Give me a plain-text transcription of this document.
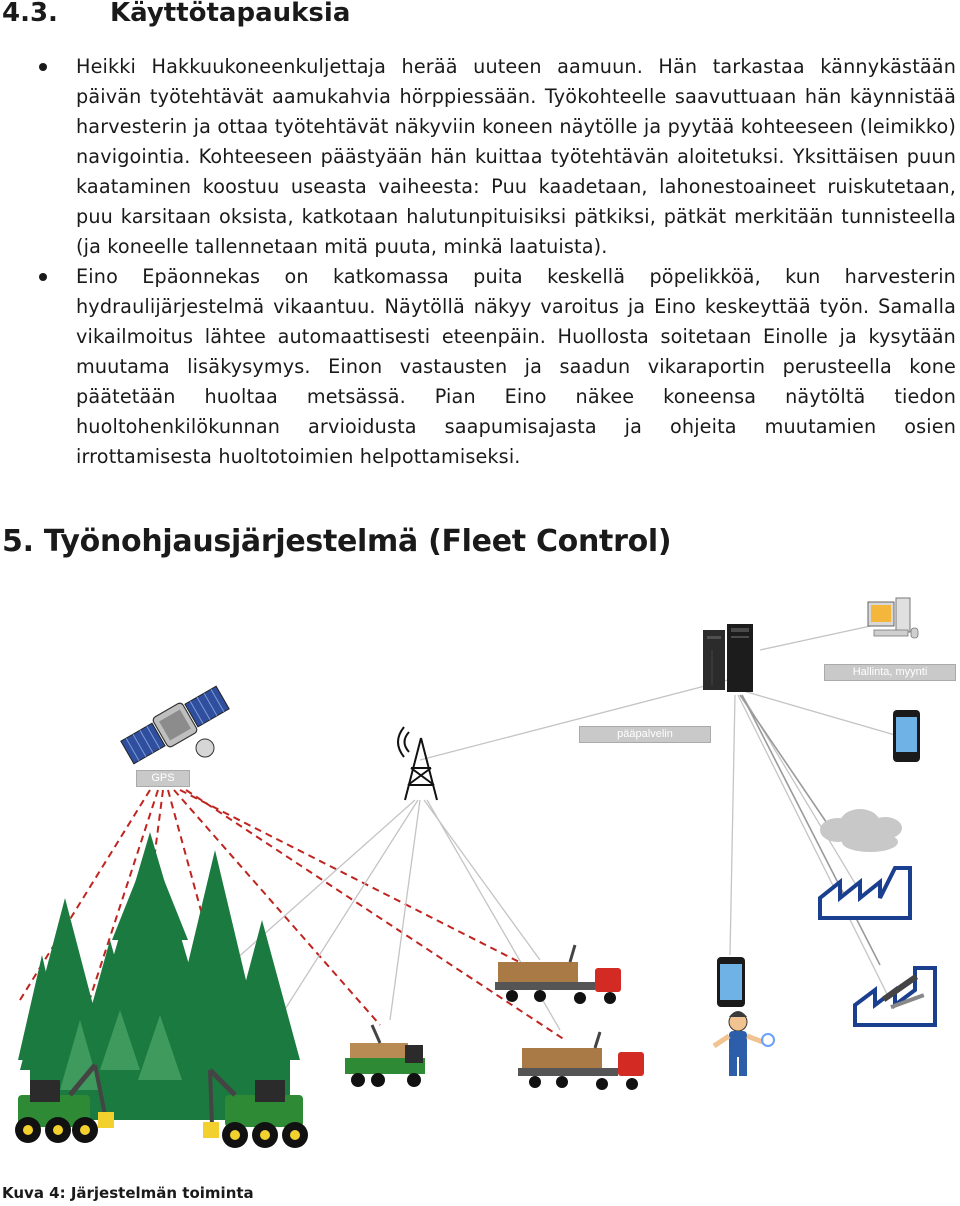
4.3. Käyttötapauksia
Heikki Hakkuukoneenkuljettaja herää uuteen aamuun. Hän tarkastaa kännykästään päivän työtehtävät aamukahvia hörppiessään. Työkohteelle saavuttuaan hän käynnistää harvesterin ja ottaa työtehtävät näkyviin koneen näytölle ja pyytää kohteeseen (leimikko) navigointia. Kohteeseen päästyään hän kuittaa työtehtävän aloitetuksi. Yksittäisen puun kaataminen koostuu useasta vaiheesta: Puu kaadetaan, lahonestoaineet ruiskutetaan, puu karsitaan oksista, katkotaan halutunpituisiksi pätkiksi, pätkät merkitään tunnisteella (ja koneelle tallennetaan mitä puuta, minkä laatuista).
Eino Epäonnekas on katkomassa puita keskellä pöpelikköä, kun harvesterin hydraulijärjestelmä vikaantuu. Näytöllä näkyy varoitus ja Eino keskeyttää työn. Samalla vikailmoitus lähtee automaattisesti eteenpäin. Huollosta soitetaan Einolle ja kysytään muutama lisäkysymys. Einon vastausten ja saadun vikaraportin perusteella kone päätetään huoltaa metsässä. Pian Eino näkee koneensa näytöltä tiedon huoltohenkilökunnan arvioidusta saapumisajasta ja ohjeita muutamien osien irrottamisesta huoltotoimien helpottamiseksi.
5. Työnohjausjärjestelmä (Fleet Control)
GPS
pääpalvelin
Hallinta, myynti
Kuva 4: Järjestelmän toiminta
